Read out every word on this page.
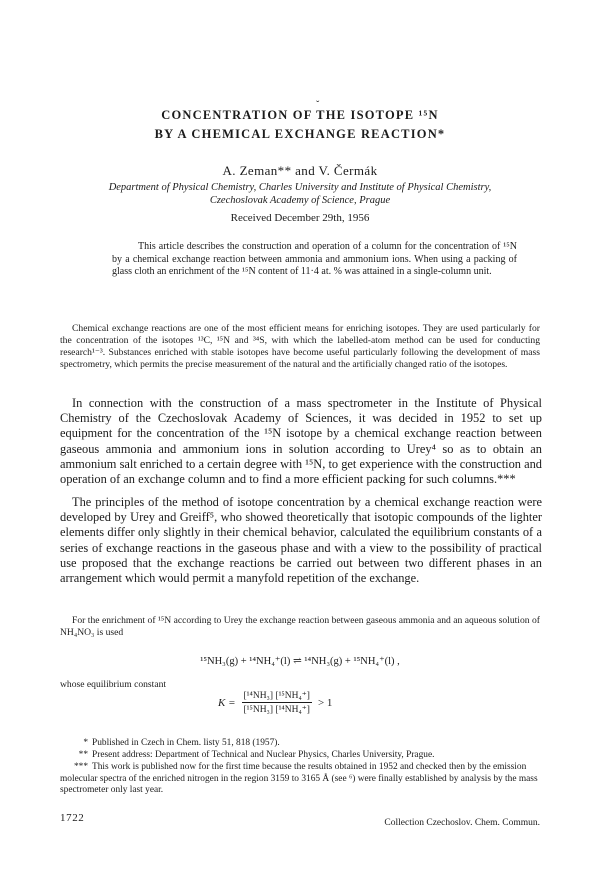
ˇ
CONCENTRATION OF THE ISOTOPE ¹⁵N
BY A CHEMICAL EXCHANGE REACTION*

A. Zeman** and V. Čermák

Department of Physical Chemistry, Charles University and Institute of Physical Chemistry,

Czechoslovak Academy of Science, Prague

Received December 29th, 1956

This article describes the construction and operation of a column for the concentration of ¹⁵N by a chemical exchange reaction between ammonia and ammonium ions. When using a packing of glass cloth an enrichment of the ¹⁵N content of 11·4 at. % was attained in a single-column unit.

Chemical exchange reactions are one of the most efficient means for enriching isotopes. They are used particularly for the concentration of the isotopes ¹³C, ¹⁵N and ³⁴S, with which the labelled-atom method can be used for conducting research¹⁻³. Substances enriched with stable isotopes have become useful particularly following the development of mass spectrometry, which permits the precise measurement of the natural and the artificially changed ratio of the isotopes.

In connection with the construction of a mass spectrometer in the Institute of Physical Chemistry of the Czechoslovak Academy of Sciences, it was decided in 1952 to set up equipment for the concentration of the ¹⁵N isotope by a chemical exchange reaction between gaseous ammonia and ammonium ions in solution according to Urey⁴ so as to obtain an ammonium salt enriched to a certain degree with ¹⁵N, to get experience with the construction and operation of an exchange column and to find a more efficient packing for such columns.***

The principles of the method of isotope concentration by a chemical exchange reaction were developed by Urey and Greiff⁵, who showed theoretically that isotopic compounds of the lighter elements differ only slightly in their chemical behavior, calculated the equilibrium constants of a series of exchange reactions in the gaseous phase and with a view to the possibility of practical use proposed that the exchange reactions be carried out between two different phases in an arrangement which would permit a manyfold repetition of the exchange.

For the enrichment of ¹⁵N according to Urey the exchange reaction between gaseous ammonia and an aqueous solution of NH₄NO₃ is used

¹⁵NH₃(g) + ¹⁴NH₄⁺(l) ⇌ ¹⁴NH₃(g) + ¹⁵NH₄⁺(l) ,

whose equilibrium constant

$K = \frac{\text{[¹⁴NH₃] [¹⁵NH₄⁺]}}{\text{[¹⁵NH₃] [¹⁴NH₄⁺]}} > 1$

* Published in Czech in Chem. listy 51, 818 (1957).

** Present address: Department of Technical and Nuclear Physics, Charles University, Prague.

*** This work is published now for the first time because the results obtained in 1952 and checked then by the emission molecular spectra of the enriched nitrogen in the region 3159 to 3165 Å (see ⁶) were finally established by analysis by the mass spectrometer only last year.

1722	Collection Czechoslov. Chem. Commun.
